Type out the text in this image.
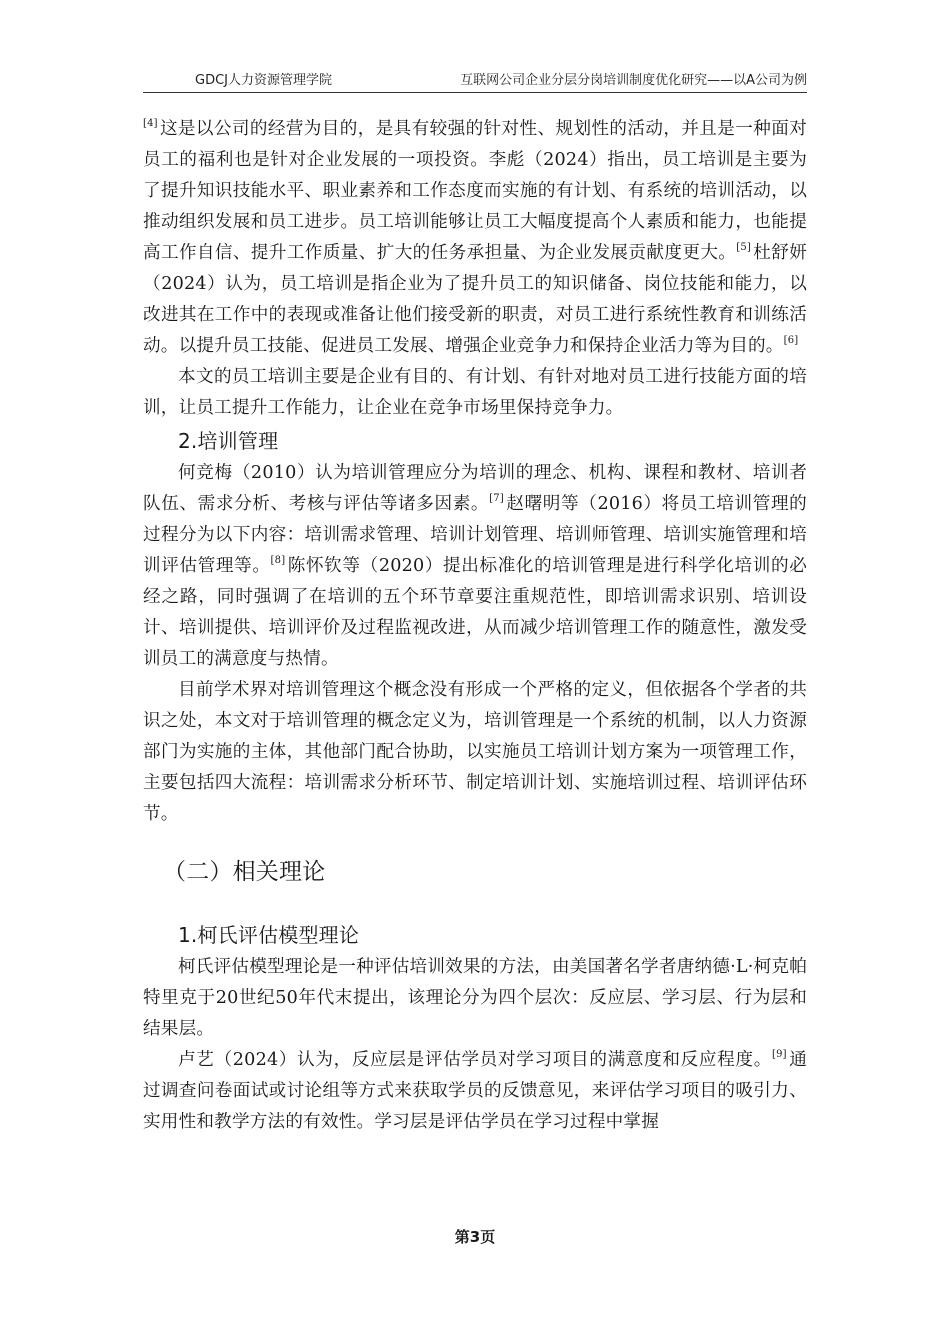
GDCJ人力资源管理学院	互联网公司企业分层分岗培训制度优化研究——以A公司为例

[4] 这是以公司的经营为目的，是具有较强的针对性、规划性的活动，并且是一种面对员工的福利也是针对企业发展的一项投资。李彪（2024）指出，员工培训是主要为了提升知识技能水平、职业素养和工作态度而实施的有计划、有系统的培训活动，以推动组织发展和员工进步。员工培训能够让员工大幅度提高个人素质和能力，也能提高工作自信、提升工作质量、扩大的任务承担量、为企业发展贡献度更大。[5] 杜舒妍（2024）认为，员工培训是指企业为了提升员工的知识储备、岗位技能和能力，以改进其在工作中的表现或准备让他们接受新的职责，对员工进行系统性教育和训练活动。以提升员工技能、促进员工发展、增强企业竞争力和保持企业活力等为目的。[6]

本文的员工培训主要是企业有目的、有计划、有针对地对员工进行技能方面的培训，让员工提升工作能力，让企业在竞争市场里保持竞争力。

2.培训管理

何竞梅（2010）认为培训管理应分为培训的理念、机构、课程和教材、培训者队伍、需求分析、考核与评估等诸多因素。[7] 赵曙明等（2016）将员工培训管理的过程分为以下内容：培训需求管理、培训计划管理、培训师管理、培训实施管理和培训评估管理等。[8] 陈怀钦等（2020）提出标准化的培训管理是进行科学化培训的必经之路，同时强调了在培训的五个环节章要注重规范性，即培训需求识别、培训设计、培训提供、培训评价及过程监视改进，从而减少培训管理工作的随意性，激发受训员工的满意度与热情。

目前学术界对培训管理这个概念没有形成一个严格的定义，但依据各个学者的共识之处，本文对于培训管理的概念定义为，培训管理是一个系统的机制，以人力资源部门为实施的主体，其他部门配合协助，以实施员工培训计划方案为一项管理工作，主要包括四大流程：培训需求分析环节、制定培训计划、实施培训过程、培训评估环节。

（二）相关理论

1.柯氏评估模型理论

柯氏评估模型理论是一种评估培训效果的方法，由美国著名学者唐纳德·L·柯克帕特里克于20世纪50年代末提出，该理论分为四个层次：反应层、学习层、行为层和结果层。

卢艺（2024）认为，反应层是评估学员对学习项目的满意度和反应程度。[9] 通过调查问卷面试或讨论组等方式来获取学员的反馈意见，来评估学习项目的吸引力、实用性和教学方法的有效性。学习层是评估学员在学习过程中掌握

第3页
